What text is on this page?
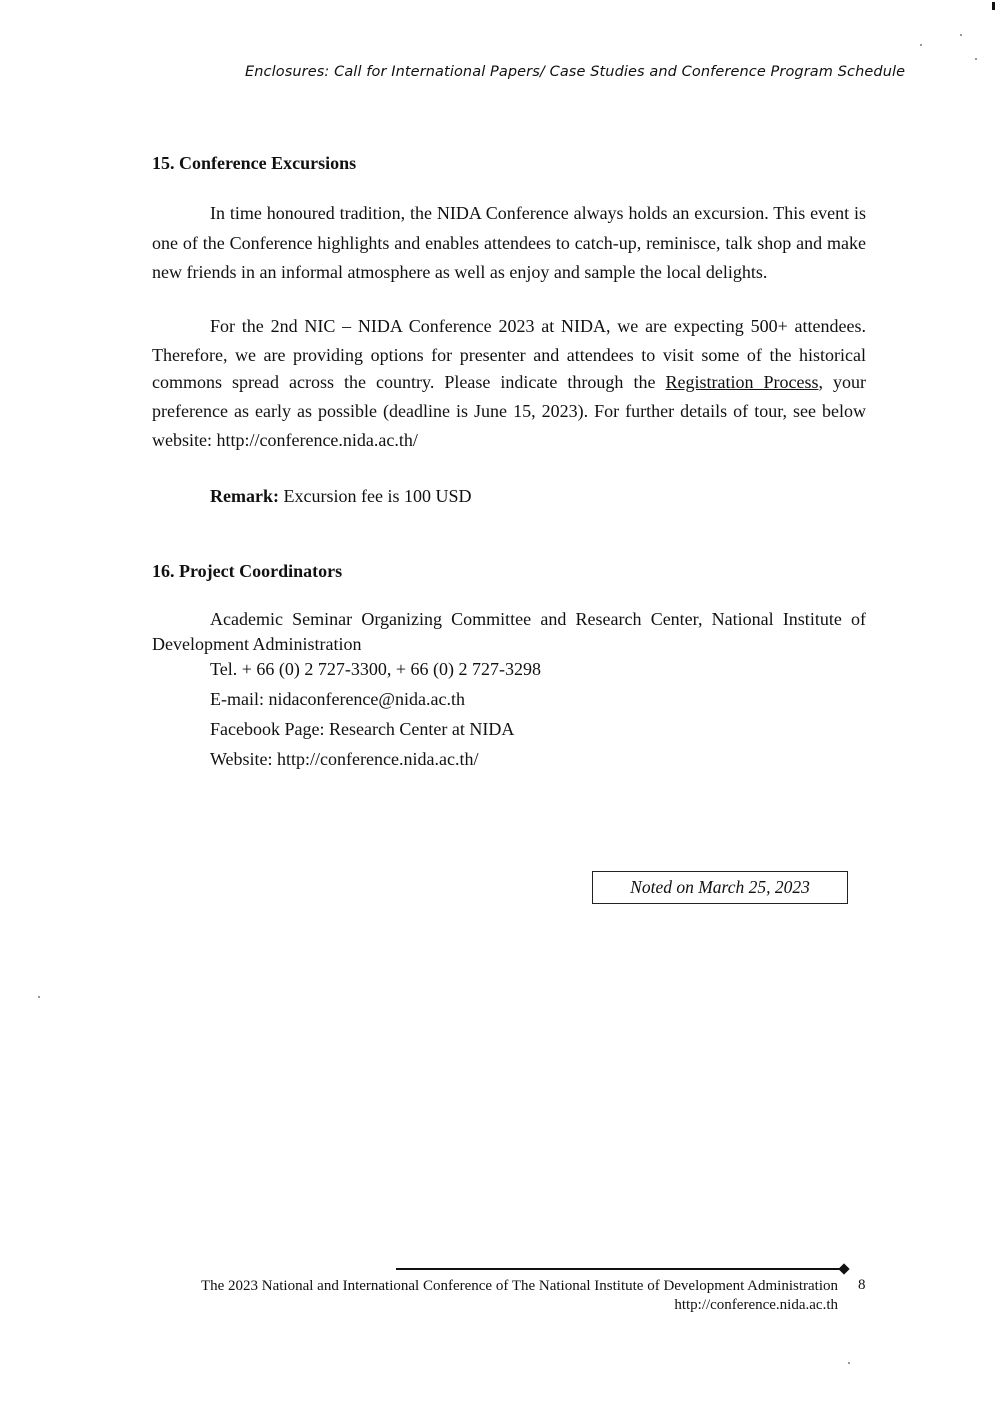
Enclosures: Call for International Papers/ Case Studies and Conference Program Schedule
15. Conference Excursions
In time honoured tradition, the NIDA Conference always holds an excursion. This event is one of the Conference highlights and enables attendees to catch-up, reminisce, talk shop and make new friends in an informal atmosphere as well as enjoy and sample the local delights.
For the 2nd NIC – NIDA Conference 2023 at NIDA, we are expecting 500+ attendees.
Therefore, we are providing options for presenter and attendees to visit some of the historical
commons spread across the country. Please indicate through the Registration Process, your
preference as early as possible (deadline is June 15, 2023). For further details of tour, see below
website: http://conference.nida.ac.th/
Remark: Excursion fee is 100 USD
16. Project Coordinators
Academic Seminar Organizing Committee and Research Center, National Institute of
Development Administration
Tel. + 66 (0) 2 727-3300, + 66 (0) 2 727-3298
E-mail: nidaconference@nida.ac.th
Facebook Page: Research Center at NIDA
Website: http://conference.nida.ac.th/
Noted on March 25, 2023
The 2023 National and International Conference of The National Institute of Development Administration
http://conference.nida.ac.th
8
